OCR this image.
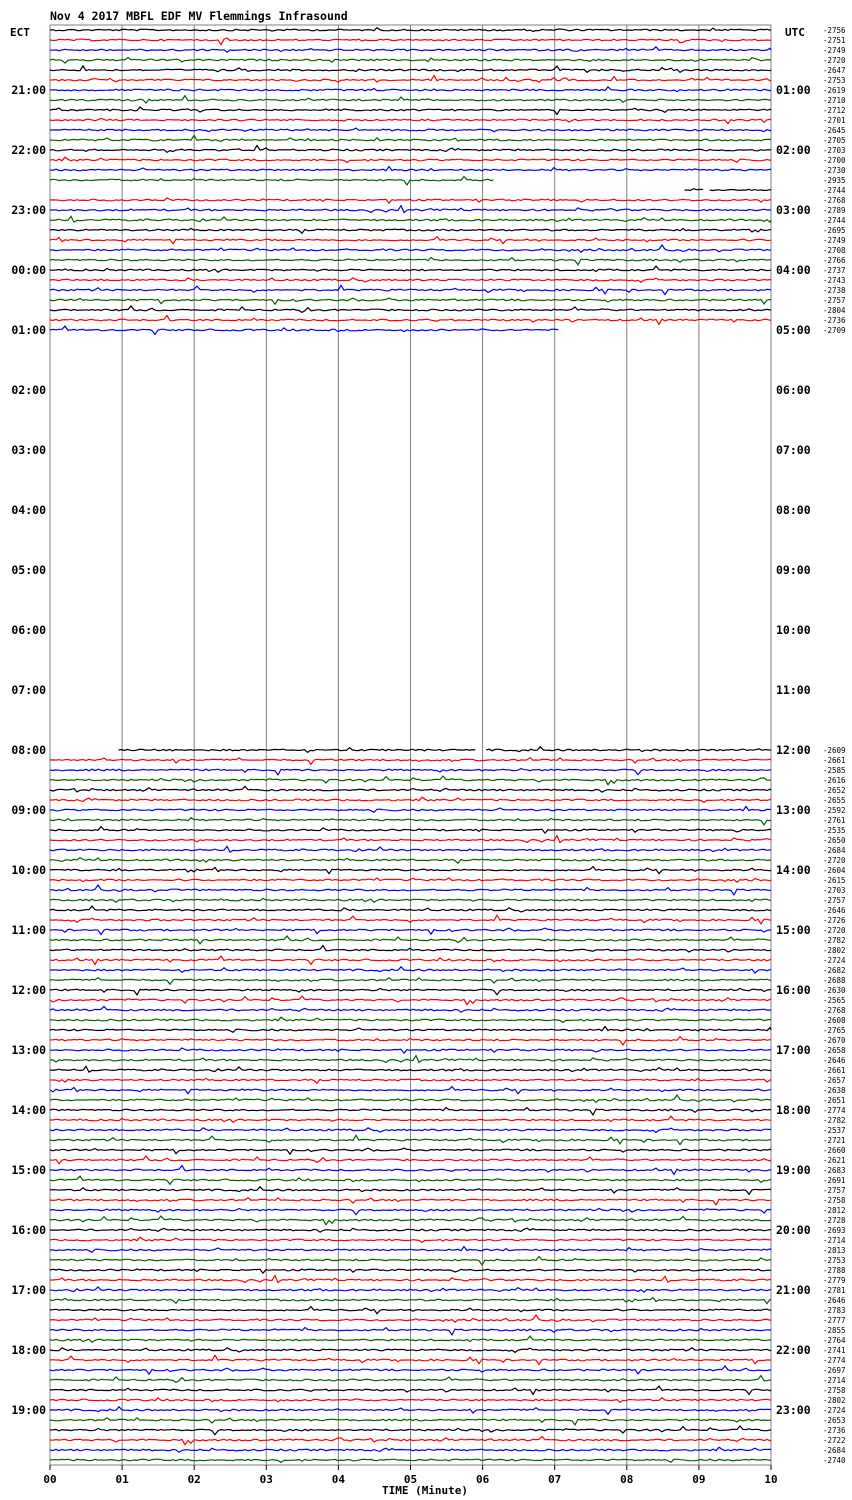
Nov 4 2017 MBFL EDF MV Flemmings Infrasound
ECT	UTC
21:00
22:00
23:00
00:00
01:00
02:00
03:00
04:00
05:00
06:00
07:00
08:00
09:00
10:00
11:00
12:00
13:00
14:00
15:00
16:00
17:00
18:00
19:00
01:00
02:00
03:00
04:00
05:00
06:00
07:00
08:00
09:00
10:00
11:00
12:00
13:00
14:00
15:00
16:00
17:00
18:00
19:00
20:00
21:00
22:00
23:00
-2756
-2751
-2749
-2720
-2647
-2753
-2619
-2710
-2712
-2701
-2645
-2705
-2703
-2700
-2730
-2935
-2744
-2768
-2789
-2744
-2695
-2749
-2708
-2766
-2737
-2743
-2738
-2757
-2804
-2736
-2709
-2609
-2661
-2585
-2616
-2652
-2655
-2592
-2761
-2535
-2650
-2684
-2720
-2604
-2615
-2703
-2757
-2646
-2726
-2720
-2782
-2802
-2724
-2682
-2688
-2630
-2565
-2768
-2608
-2765
-2670
-2658
-2646
-2661
-2657
-2638
-2651
-2774
-2782
-2537
-2721
-2660
-2621
-2683
-2691
-2757
-2758
-2812
-2728
-2693
-2714
-2813
-2753
-2788
-2779
-2781
-2646
-2783
-2777
-2855
-2764
-2741
-2774
-2697
-2714
-2758
-2802
-2724
-2653
-2736
-2722
-2684
-2740
00	01	02	03	04	05	06	07	08	09	10
TIME (Minute)
